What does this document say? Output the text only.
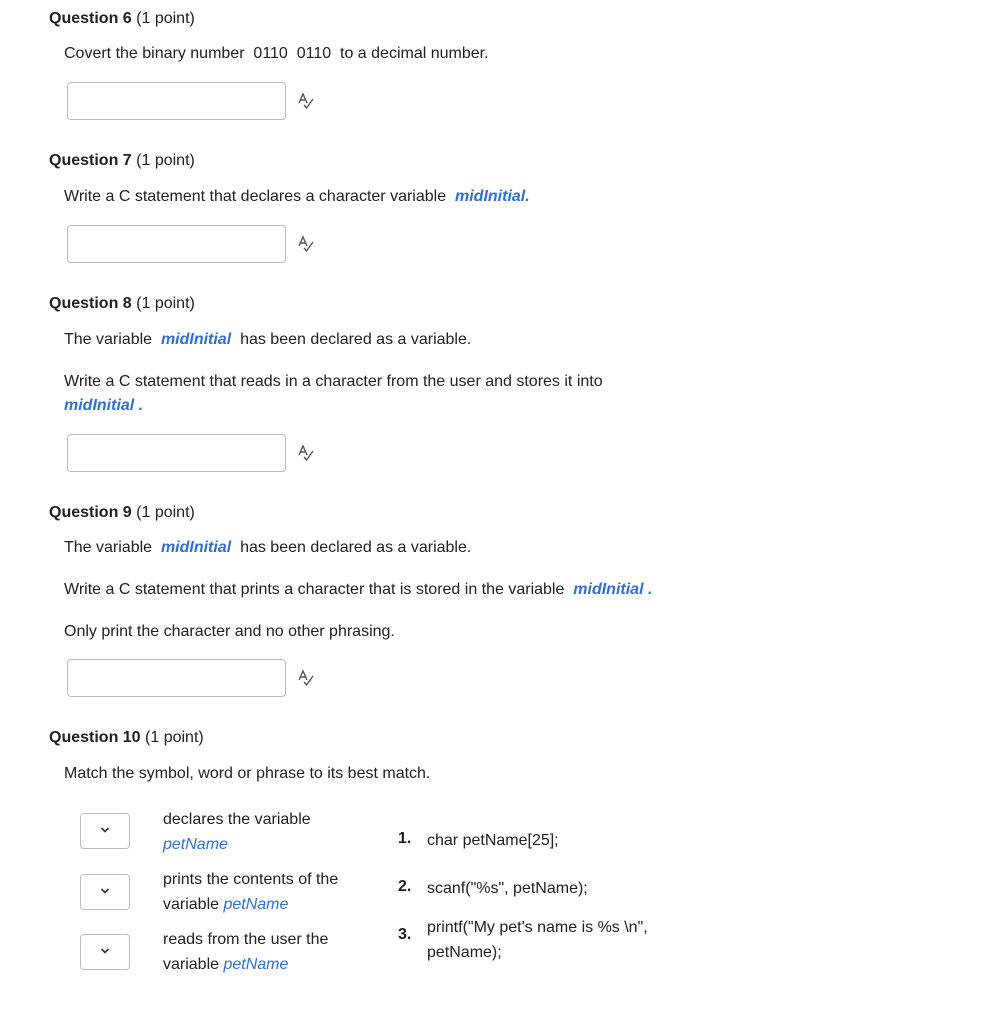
Question 6 (1 point)
Covert the binary number 0110  0110 to a decimal number.
Question 7 (1 point)
Write a C statement that declares a character variable midInitial.
Question 8 (1 point)
The variable midInitial has been declared as a variable.
Write a C statement that reads in a character from the user and stores it into
midInitial .
Question 9 (1 point)
The variable midInitial has been declared as a variable.
Write a C statement that prints a character that is stored in the variable midInitial .
Only print the character and no other phrasing.
Question 10 (1 point)
Match the symbol, word or phrase to its best match.
declares the variable
petName
prints the contents of the variable petName
reads from the user the variable petName
1. char petName[25];
2. scanf("%s", petName);
3. printf("My pet's name is %s \n", petName);
